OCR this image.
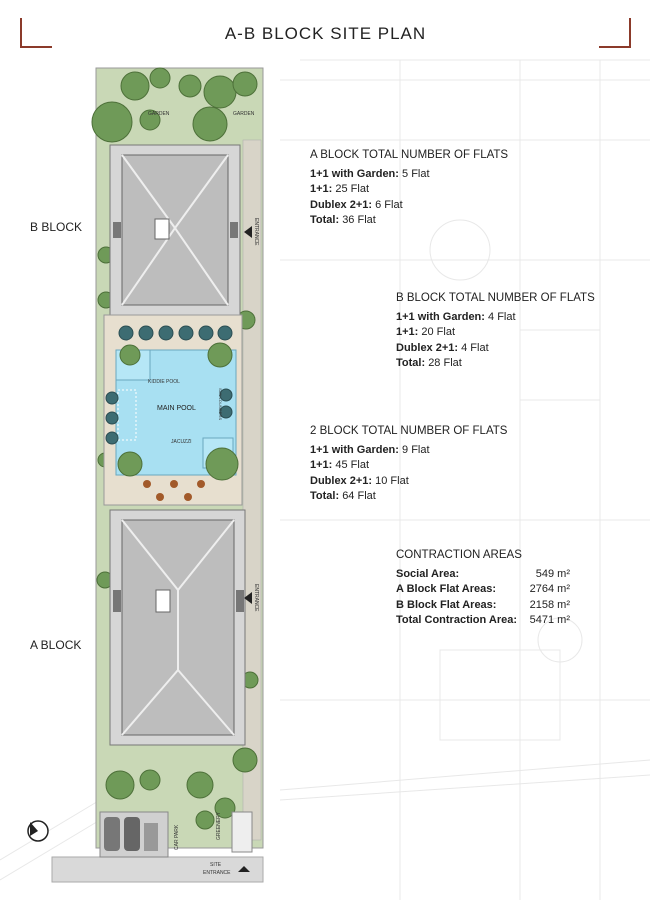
A-B BLOCK SITE PLAN
GARDEN	GARDEN
ENTRANCE
ENTRANCE
KIDDIE POOL
MAIN POOL
JACUZZI
SUN LOUNGERS
CAR PARK	GREENERY
SITE
ENTRANCE
B BLOCK
A BLOCK
A BLOCK TOTAL NUMBER OF FLATS
1+1 with Garden: 5 Flat
1+1: 25 Flat
Dublex 2+1: 6 Flat
Total: 36 Flat
B BLOCK TOTAL NUMBER OF FLATS
1+1 with Garden: 4 Flat
1+1: 20 Flat
Dublex 2+1: 4 Flat
Total: 28 Flat
2 BLOCK TOTAL NUMBER OF FLATS
1+1 with Garden: 9 Flat
1+1: 45 Flat
Dublex 2+1: 10 Flat
Total: 64 Flat
CONTRACTION AREAS
Social Area:	549 m²
A Block Flat Areas:	2764 m²
B Block Flat Areas:	2158 m²
Total Contraction Area: 5471 m²
